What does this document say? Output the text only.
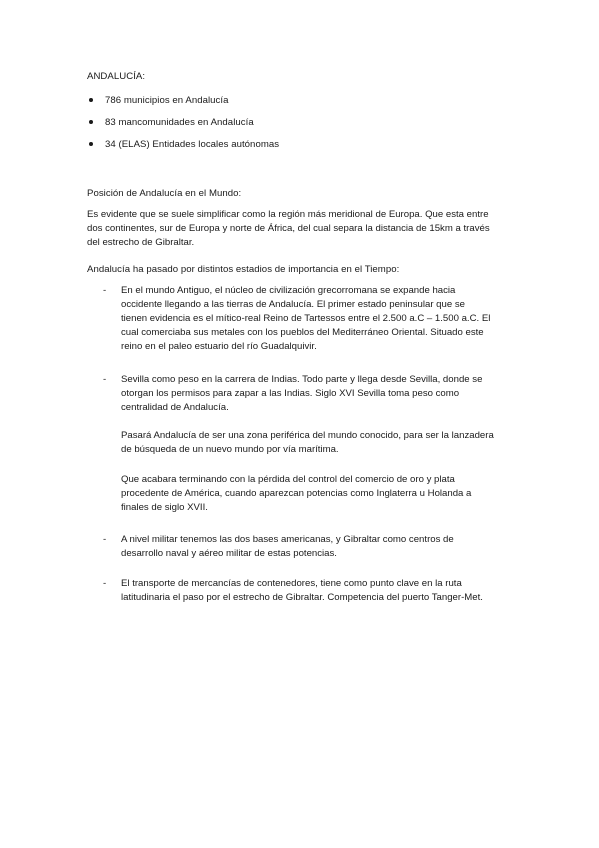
ANDALUCÍA:
786 municipios en Andalucía
83 mancomunidades en Andalucía
34 (ELAS) Entidades locales autónomas
Posición de Andalucía en el Mundo:
Es evidente que se suele simplificar como la región más meridional de Europa. Que esta entre
dos continentes, sur de Europa y norte de África, del cual separa la distancia de 15km a través
del estrecho de Gibraltar.
Andalucía ha pasado por distintos estadios de importancia en el Tiempo:
- En el mundo Antiguo, el núcleo de civilización grecorromana se expande hacia
occidente llegando a las tierras de Andalucía. El primer estado peninsular que se
tienen evidencia es el mítico-real Reino de Tartessos entre el 2.500 a.C – 1.500 a.C. El
cual comerciaba sus metales con los pueblos del Mediterráneo Oriental. Situado este
reino en el paleo estuario del río Guadalquivir.
- Sevilla como peso en la carrera de Indias. Todo parte y llega desde Sevilla, donde se
otorgan los permisos para zapar a las Indias. Siglo XVI Sevilla toma peso como
centralidad de Andalucía.
Pasará Andalucía de ser una zona periférica del mundo conocido, para ser la lanzadera
de búsqueda de un nuevo mundo por vía marítima.
Que acabara terminando con la pérdida del control del comercio de oro y plata
procedente de América, cuando aparezcan potencias como Inglaterra u Holanda a
finales de siglo XVII.
- A nivel militar tenemos las dos bases americanas, y Gibraltar como centros de
desarrollo naval y aéreo militar de estas potencias.
- El transporte de mercancías de contenedores, tiene como punto clave en la ruta
latitudinaria el paso por el estrecho de Gibraltar. Competencia del puerto Tanger-Met.
